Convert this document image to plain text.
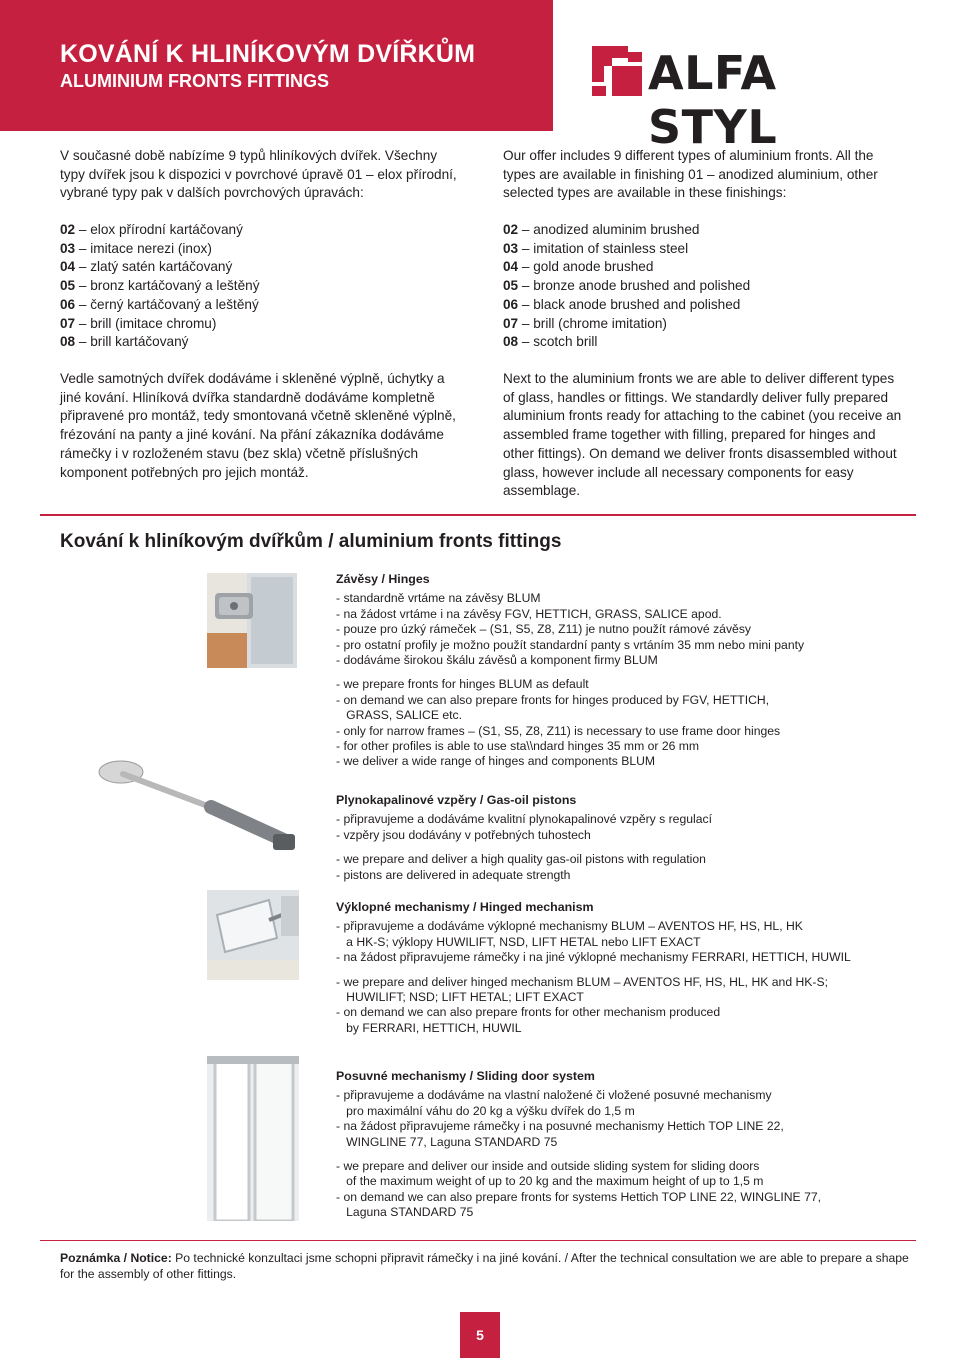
KOVÁNÍ K HLINÍKOVÝM DVÍŘKŮM
ALUMINIUM FRONTS FITTINGS	ALFA STYL

V současné době nabízíme 9 typů hliníkových dvířek. Všechny typy dvířek jsou k dispozici v povrchové úpravě 01 – elox přírodní, vybrané typy pak v dalších povrchových úpravách:

02 – elox přírodní kartáčovaný
03 – imitace nerezi (inox)
04 – zlatý satén kartáčovaný
05 – bronz kartáčovaný a leštěný
06 – černý kartáčovaný a leštěný
07 – brill (imitace chromu)
08 – brill kartáčovaný

Vedle samotných dvířek dodáváme i skleněné výplně, úchytky a jiné kování. Hliníková dvířka standardně dodáváme kompletně připravené pro montáž, tedy smontovaná včetně skleněné výplně, frézování na panty a jiné kování. Na přání zákazníka dodáváme rámečky i v rozloženém stavu (bez skla) včetně příslušných komponent potřebných pro jejich montáž.

Our offer includes 9 different types of aluminium fronts. All the types are available in finishing 01 – anodized aluminium, other selected types are available in these finishings:

02 – anodized aluminim brushed
03 – imitation of stainless steel
04 – gold anode brushed
05 – bronze anode brushed and polished
06 – black anode brushed and polished
07 – brill (chrome imitation)
08 – scotch brill

Next to the aluminium fronts we are able to deliver different types of glass, handles or fittings. We standardly deliver fully prepared aluminium fronts ready for attaching to the cabinet (you receive an assembled frame together with filling, prepared for hinges and other fittings). On demand we deliver fronts disassembled without glass, however include all necessary components for easy assemblage.

Kování k hliníkovým dvířkům / aluminium fronts fittings
Závěsy / Hinges
- standardně vrtáme na závěsy BLUM
- na žádost vrtáme i na závěsy FGV, HETTICH, GRASS, SALICE apod.
- pouze pro úzký rámeček – (S1, S5, Z8, Z11) je nutno použít rámové závěsy
- pro ostatní profily je možno použít standardní panty s vrtáním 35 mm nebo mini panty
- dodáváme širokou škálu závěsů a komponent firmy BLUM
- we prepare fronts for hinges BLUM as default
- on demand we can also prepare fronts for hinges produced by FGV, HETTICH,
GRASS, SALICE etc.
- only for narrow frames – (S1, S5, Z8, Z11) is necessary to use frame door hinges
- for other profiles is able to use sta\\ndard hinges 35 mm or 26 mm
- we deliver a wide range of hinges and components BLUM
Plynokapalinové vzpěry / Gas-oil pistons
- připravujeme a dodáváme kvalitní plynokapalinové vzpěry s regulací
- vzpěry jsou dodávány v potřebných tuhostech
- we prepare and deliver a high quality gas-oil pistons with regulation
- pistons are delivered in adequate strength
Výklopné mechanismy / Hinged mechanism
- připravujeme a dodáváme výklopné mechanismy BLUM – AVENTOS HF, HS, HL, HK
a HK-S; výklopy HUWILIFT, NSD, LIFT HETAL nebo LIFT EXACT
- na žádost připravujeme rámečky i na jiné výklopné mechanismy FERRARI, HETTICH, HUWIL
- we prepare and deliver hinged mechanism BLUM – AVENTOS HF, HS, HL, HK and HK-S;
HUWILIFT; NSD; LIFT HETAL; LIFT EXACT
- on demand we can also prepare fronts for other mechanism produced
by FERRARI, HETTICH, HUWIL
Posuvné mechanismy / Sliding door system
- připravujeme a dodáváme na vlastní naložené či vložené posuvné mechanismy
pro maximální váhu do 20 kg a výšku dvířek do 1,5 m
- na žádost připravujeme rámečky i na posuvné mechanismy Hettich TOP LINE 22,
WINGLINE 77, Laguna STANDARD 75
- we prepare and deliver our inside and outside sliding system for sliding doors
of the maximum weight of up to 20 kg and the maximum height of up to 1,5 m
- on demand we can also prepare fronts for systems Hettich TOP LINE 22, WINGLINE 77,
Laguna STANDARD 75
Poznámka / Notice: Po technické konzultaci jsme schopni připravit rámečky i na jiné kování. / After the technical consultation we are able to prepare a shape for the assembly of other fittings.
5
